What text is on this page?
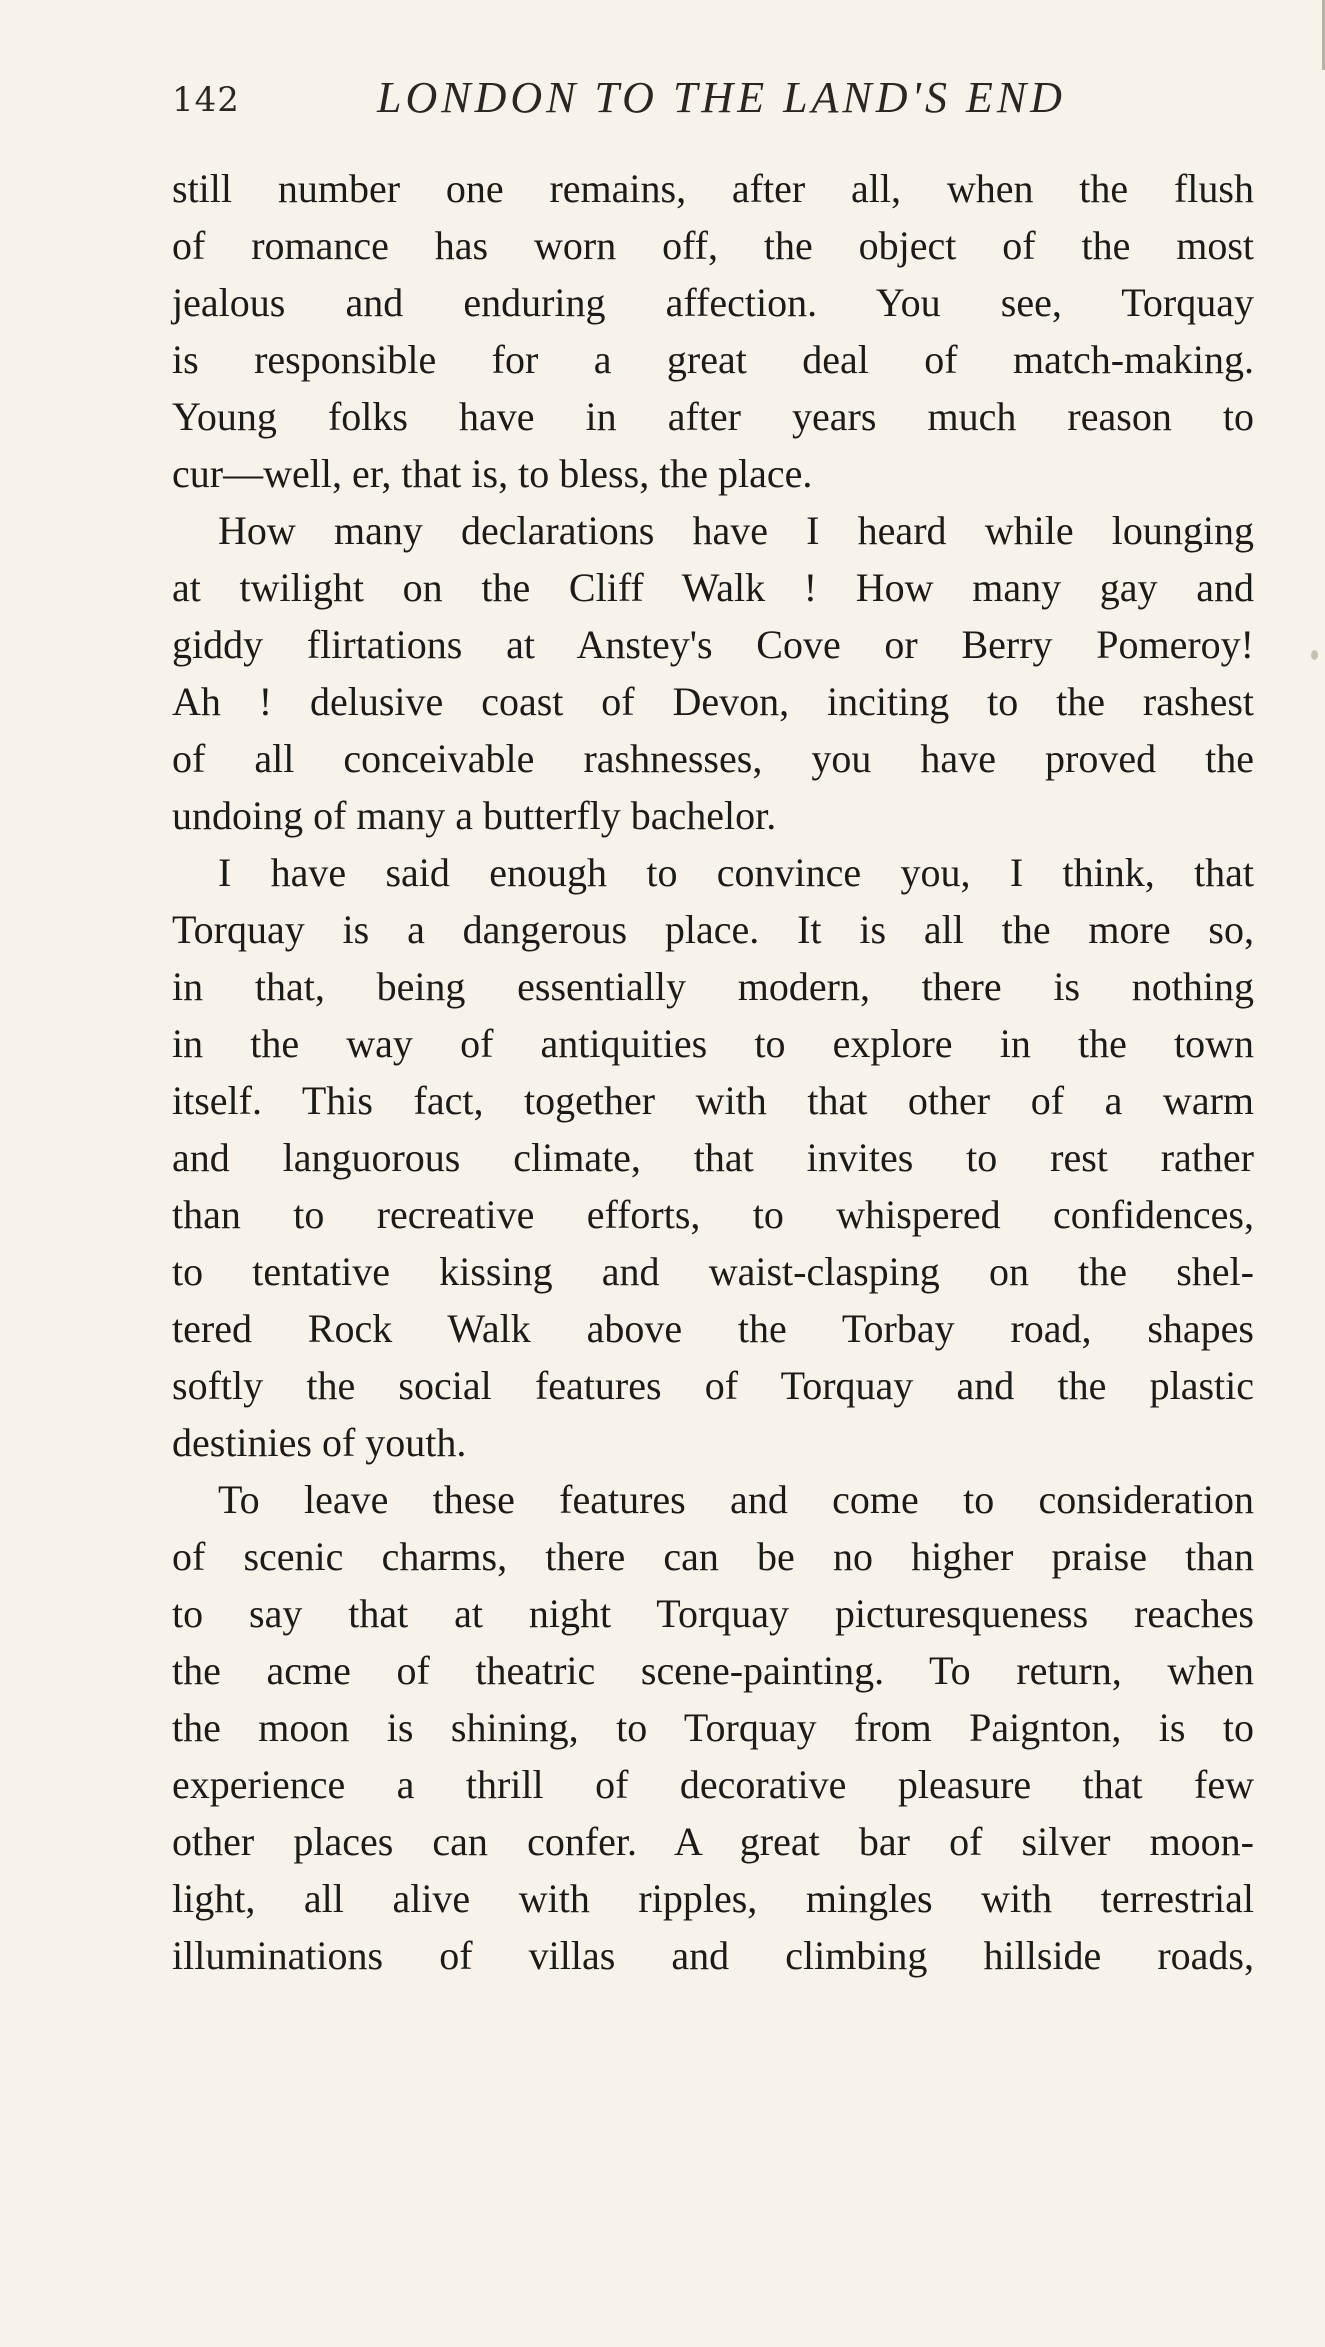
142	LONDON TO THE LAND'S END
still number one remains, after all, when the flush
of romance has worn off, the object of the most
jealous and enduring affection. You see, Torquay
is responsible for a great deal of match-making.
Young folks have in after years much reason to
cur—well, er, that is, to bless, the place.
How many declarations have I heard while lounging
at twilight on the Cliff Walk ! How many gay and
giddy flirtations at Anstey's Cove or Berry Pomeroy!
Ah ! delusive coast of Devon, inciting to the rashest
of all conceivable rashnesses, you have proved the
undoing of many a butterfly bachelor.
I have said enough to convince you, I think, that
Torquay is a dangerous place. It is all the more so,
in that, being essentially modern, there is nothing
in the way of antiquities to explore in the town
itself. This fact, together with that other of a warm
and languorous climate, that invites to rest rather
than to recreative efforts, to whispered confidences,
to tentative kissing and waist-clasping on the shel-
tered Rock Walk above the Torbay road, shapes
softly the social features of Torquay and the plastic
destinies of youth.
To leave these features and come to consideration
of scenic charms, there can be no higher praise than
to say that at night Torquay picturesqueness reaches
the acme of theatric scene-painting. To return, when
the moon is shining, to Torquay from Paignton, is to
experience a thrill of decorative pleasure that few
other places can confer. A great bar of silver moon-
light, all alive with ripples, mingles with terrestrial
illuminations of villas and climbing hillside roads,
